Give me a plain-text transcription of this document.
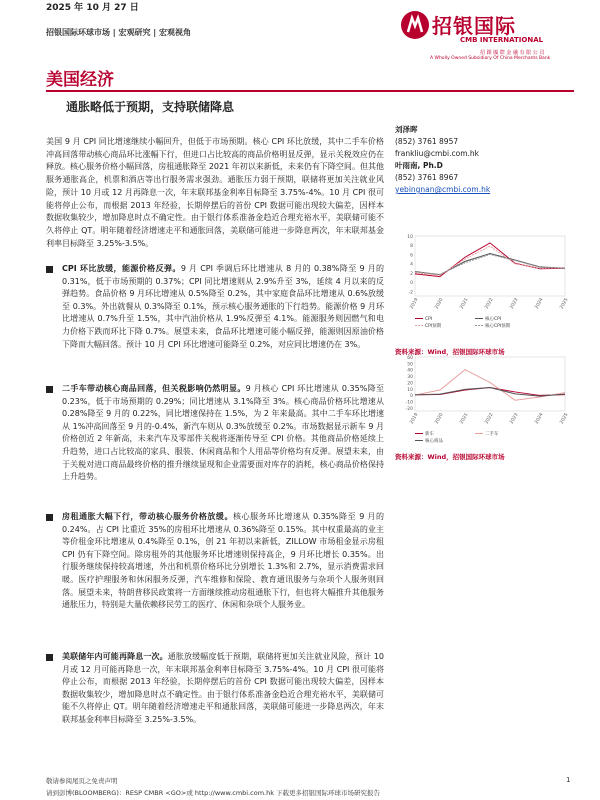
2025 年 10 月 27 日
招银国际环球市场 | 宏观研究 | 宏观视角	招银国际
CMB INTERNATIONAL
招 銀 國 際 金 融 有 限 公 司
A Wholly Owned Subsidiary Of China Merchants Bank
美国经济
通胀略低于预期，支持联储降息
美国 9 月 CPI 同比增速继续小幅回升，但低于市场预期。核心 CPI 环比放缓，其中二手车价格冲高回落带动核心商品环比涨幅下行，但进口占比较高的商品价格明显反弹，显示关税效应仍在释放。核心服务价格小幅回落，房租通胀降至 2021 年初以来新低，未来仍有下降空间。但其他服务通胀高企，机票和酒店等出行服务需求强劲。通胀压力弱于预期，联储将更加关注就业风险，预计 10 月或 12 月再降息一次，年末联邦基金利率目标降至 3.75%-4%。10 月 CPI 很可能将停止公布，而根据 2013 年经验，长期停摆后的首份 CPI 数据可能出现较大偏差，因样本数据收集较少，增加降息时点不确定性。由于银行体系准备金趋近合理充裕水平，美联储可能不久将停止 QT。明年随着经济增速走平和通胀回落，美联储可能进一步降息两次，年末联邦基金利率目标降至 3.25%-3.5%。
CPI 环比放缓，能源价格反弹。9 月 CPI 季调后环比增速从 8 月的 0.38%降至 9 月的 0.31%，低于市场预期的 0.37%；CPI 同比增速则从 2.9%升至 3%，延续 4 月以来的反弹趋势。食品价格 9 月环比增速从 0.5%降至 0.2%，其中家庭食品环比增速从 0.6%放缓至 0.3%。外出就餐从 0.3%降至 0.1%，预示核心服务通胀的下行趋势。能源价格 9 月环比增速从 0.7%升至 1.5%，其中汽油价格从 1.9%反弹至 4.1%。能源服务则因燃气和电力价格下跌而环比下降 0.7%。展望未来，食品环比增速可能小幅反弹，能源则因原油价格下降而大幅回落。预计 10 月 CPI 环比增速可能降至 0.2%，对应同比增速仍在 3%。
二手车带动核心商品回落，但关税影响仍然明显。9 月核心 CPI 环比增速从 0.35%降至 0.23%，低于市场预期的 0.29%；同比增速从 3.1%降至 3%。核心商品价格环比增速从 0.28%降至 9 月的 0.22%，同比增速保持在 1.5%，为 2 年来最高。其中二手车环比增速从 1%冲高回落至 9 月的-0.4%，新汽车则从 0.3%放缓至 0.2%。市场数据显示新车 9 月价格创近 2 年新高，未来汽车及零部件关税将逐渐传导至 CPI 价格。其他商品价格延续上升趋势，进口占比较高的家具、服装、休闲商品和个人用品等价格均有反弹。展望未来，由于关税对进口商品最终价格的推升继续显现和企业需要面对库存的消耗，核心商品价格保持上升趋势。
房租通胀大幅下行，带动核心服务价格放缓。核心服务环比增速从 0.35%降至 9 月的 0.24%。占 CPI 比重近 35%的房租环比增速从 0.36%降至 0.15%。其中权重最高的业主等价租金环比增速从 0.4%降至 0.1%，创 21 年初以来新低，ZILLOW 市场租金显示房租 CPI 仍有下降空间。除房租外的其他服务环比增速则保持高企，9 月环比增长 0.35%。出行服务继续保持较高增速，外出和机票价格环比分别增长 1.3%和 2.7%，显示消费需求回暖。医疗护理服务和休闲服务反弹，汽车维修和保险、教育通讯服务与杂项个人服务则回落。展望未来，特朗普移民政策将一方面继续推动房租通胀下行，但也将大幅推升其他服务通胀压力，特别是大量依赖移民劳工的医疗、休闲和杂项个人服务业。
美联储年内可能再降息一次。通胀放缓幅度低于预期，联储将更加关注就业风险，预计 10 月或 12 月可能再降息一次，年末联邦基金利率目标降至 3.75%-4%。10 月 CPI 很可能将停止公布，而根据 2013 年经验，长期停摆后的首份 CPI 数据可能出现较大偏差，因样本数据收集较少，增加降息时点不确定性。由于银行体系准备金趋近合理充裕水平，美联储可能不久将停止 QT。明年随着经济增速走平和通胀回落，美联储可能进一步降息两次，年末联邦基金利率目标降至 3.25%-3.5%。
刘泽晖
(852) 3761 8957
frankliu@cmbi.com.hk
叶雨南, Ph.D
(852) 3761 8967
yebingnan@cmbi.com.hk
10
8
6
4
2
0
-2
2019	2020	2021	2022	2023	2024	2025
CPI	核心CPI
CPI预期	核心CPI预期
资料来源：Wind，招银国际环球市场
60
50
40
30
20
10
0
-10
-20
2019	2020	2021	2022	2023	2024	2025
新车	二手车
核心商品
资料来源：Wind，招银国际环球市场
敬请参阅尾页之免责声明	1
请到彭博(BLOOMBERG)：RESP CMBR <GO>或 http://www.cmbi.com.hk 下载更多招银国际环球市场研究报告
